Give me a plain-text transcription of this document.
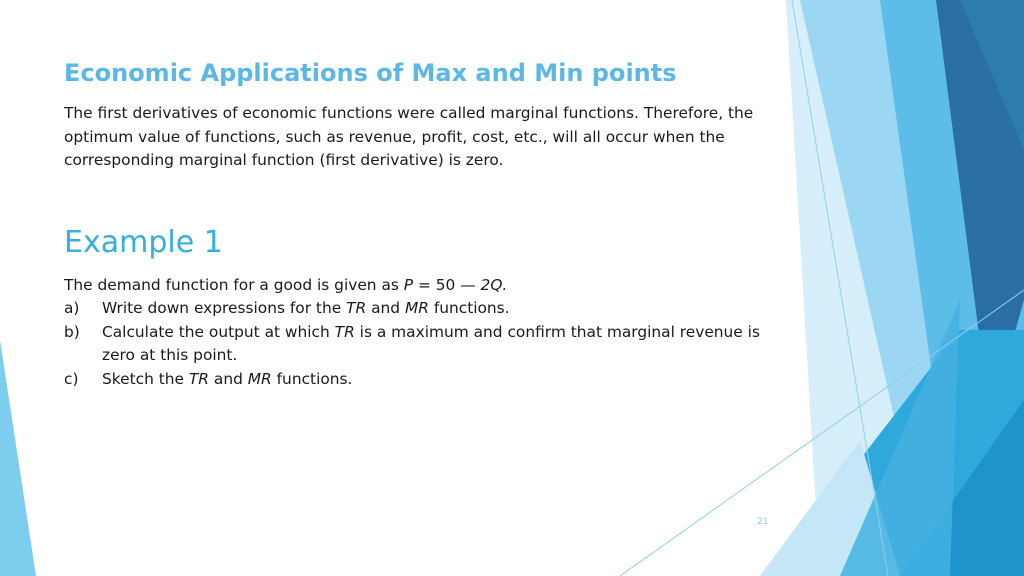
Economic Applications of Max and Min points

The first derivatives of economic functions were called marginal functions. Therefore, the optimum value of functions, such as revenue, profit, cost, etc., will all occur when the corresponding marginal function (first derivative) is zero.

Example 1

The demand function for a good is given as P = 50 — 2Q.

a)	Write down expressions for the TR and MR functions.
b)	Calculate the output at which TR is a maximum and confirm that marginal revenue is zero at this point.
c)	Sketch the TR and MR functions.
21
